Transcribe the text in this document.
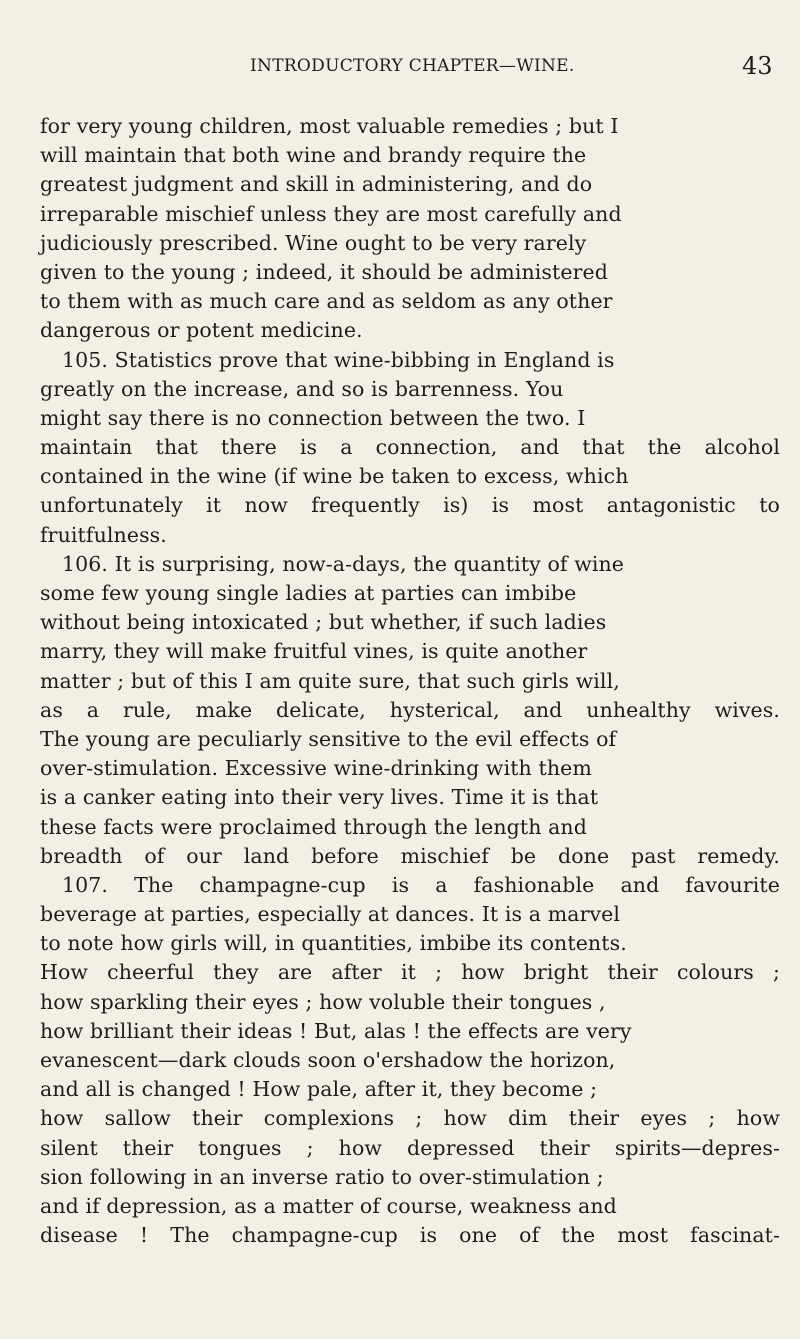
INTRODUCTORY CHAPTER—WINE.	43
for very young children, most valuable remedies ; but I
will maintain that both wine and brandy require the
greatest judgment and skill in administering, and do
irreparable mischief unless they are most carefully and
judiciously prescribed. Wine ought to be very rarely
given to the young ; indeed, it should be administered
to them with as much care and as seldom as any other
dangerous or potent medicine.
105. Statistics prove that wine-bibbing in England is
greatly on the increase, and so is barrenness. You
might say there is no connection between the two. I
maintain that there is a connection, and that the alcohol
contained in the wine (if wine be taken to excess, which
unfortunately it now frequently is) is most antagonistic to
fruitfulness.
106. It is surprising, now-a-days, the quantity of wine
some few young single ladies at parties can imbibe
without being intoxicated ; but whether, if such ladies
marry, they will make fruitful vines, is quite another
matter ; but of this I am quite sure, that such girls will,
as a rule, make delicate, hysterical, and unhealthy wives.
The young are peculiarly sensitive to the evil effects of
over-stimulation. Excessive wine-drinking with them
is a canker eating into their very lives. Time it is that
these facts were proclaimed through the length and
breadth of our land before mischief be done past remedy.
107. The champagne-cup is a fashionable and favourite
beverage at parties, especially at dances. It is a marvel
to note how girls will, in quantities, imbibe its contents.
How cheerful they are after it ; how bright their colours ;
how sparkling their eyes ; how voluble their tongues ,
how brilliant their ideas ! But, alas ! the effects are very
evanescent—dark clouds soon o'ershadow the horizon,
and all is changed ! How pale, after it, they become ;
how sallow their complexions ; how dim their eyes ; how
silent their tongues ; how depressed their spirits—depres-
sion following in an inverse ratio to over-stimulation ;
and if depression, as a matter of course, weakness and
disease ! The champagne-cup is one of the most fascinat-
